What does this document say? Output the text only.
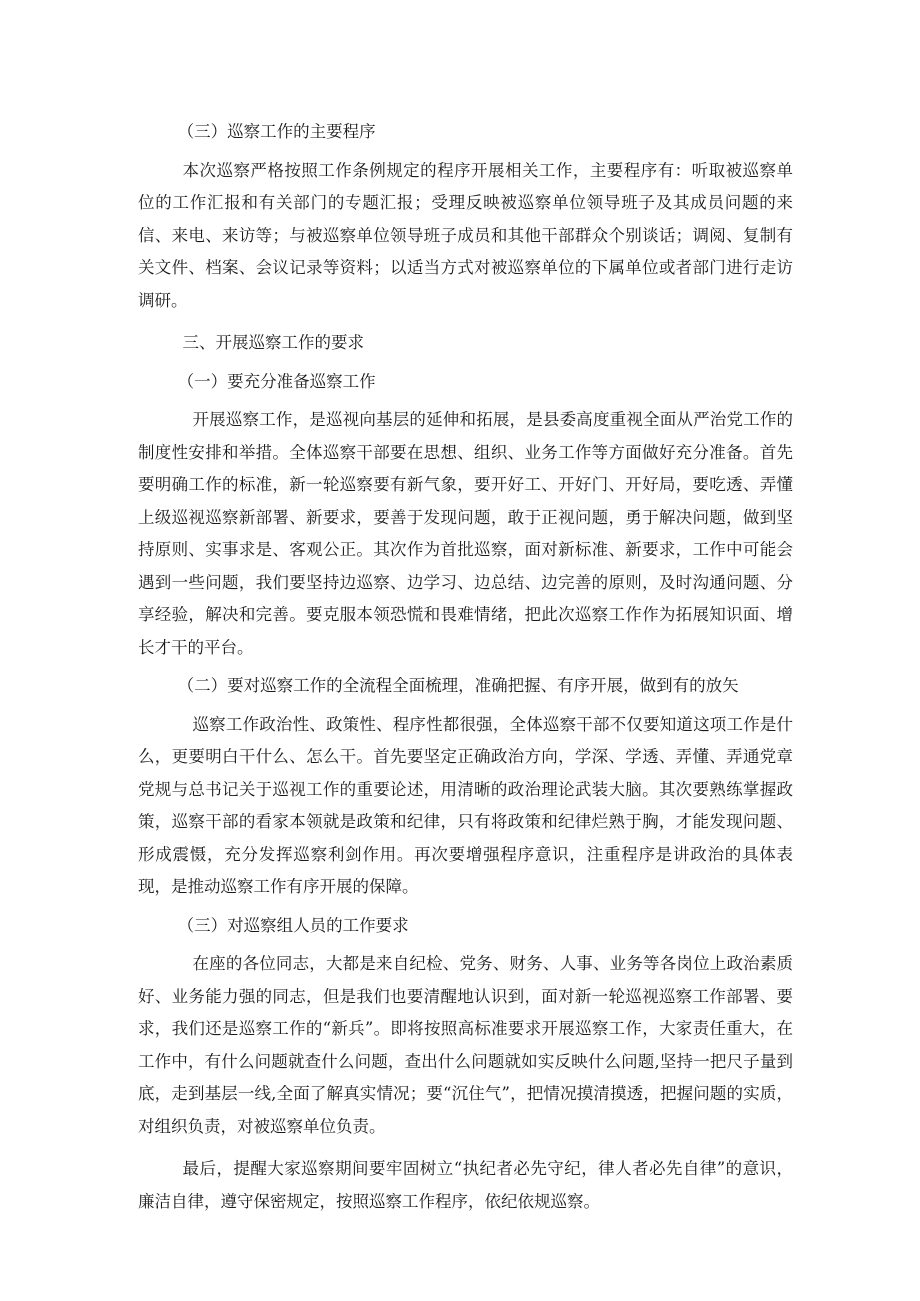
（三）巡察工作的主要程序

本次巡察严格按照工作条例规定的程序开展相关工作，主要程序有：听取被巡察单位的工作汇报和有关部门的专题汇报；受理反映被巡察单位领导班子及其成员问题的来信、来电、来访等；与被巡察单位领导班子成员和其他干部群众个别谈话；调阅、复制有关文件、档案、会议记录等资料；以适当方式对被巡察单位的下属单位或者部门进行走访调研。

三、开展巡察工作的要求

（一）要充分准备巡察工作

开展巡察工作，是巡视向基层的延伸和拓展，是县委高度重视全面从严治党工作的制度性安排和举措。全体巡察干部要在思想、组织、业务工作等方面做好充分准备。首先要明确工作的标准，新一轮巡察要有新气象，要开好工、开好门、开好局，要吃透、弄懂上级巡视巡察新部署、新要求，要善于发现问题，敢于正视问题，勇于解决问题，做到坚持原则、实事求是、客观公正。其次作为首批巡察，面对新标准、新要求，工作中可能会遇到一些问题，我们要坚持边巡察、边学习、边总结、边完善的原则，及时沟通问题、分享经验，解决和完善。要克服本领恐慌和畏难情绪，把此次巡察工作作为拓展知识面、增长才干的平台。

（二）要对巡察工作的全流程全面梳理，准确把握、有序开展，做到有的放矢

巡察工作政治性、政策性、程序性都很强，全体巡察干部不仅要知道这项工作是什么，更要明白干什么、怎么干。首先要坚定正确政治方向，学深、学透、弄懂、弄通党章党规与总书记关于巡视工作的重要论述，用清晰的政治理论武装大脑。其次要熟练掌握政策，巡察干部的看家本领就是政策和纪律，只有将政策和纪律烂熟于胸，才能发现问题、形成震慑，充分发挥巡察利剑作用。再次要增强程序意识，注重程序是讲政治的具体表现，是推动巡察工作有序开展的保障。

（三）对巡察组人员的工作要求

在座的各位同志，大都是来自纪检、党务、财务、人事、业务等各岗位上政治素质好、业务能力强的同志，但是我们也要清醒地认识到，面对新一轮巡视巡察工作部署、要求，我们还是巡察工作的“新兵”。即将按照高标准要求开展巡察工作，大家责任重大，在工作中，有什么问题就查什么问题，查出什么问题就如实反映什么问题,坚持一把尺子量到底，走到基层一线,全面了解真实情况；要“沉住气”，把情况摸清摸透，把握问题的实质，对组织负责，对被巡察单位负责。

最后，提醒大家巡察期间要牢固树立“执纪者必先守纪，律人者必先自律”的意识，廉洁自律，遵守保密规定，按照巡察工作程序，依纪依规巡察。
